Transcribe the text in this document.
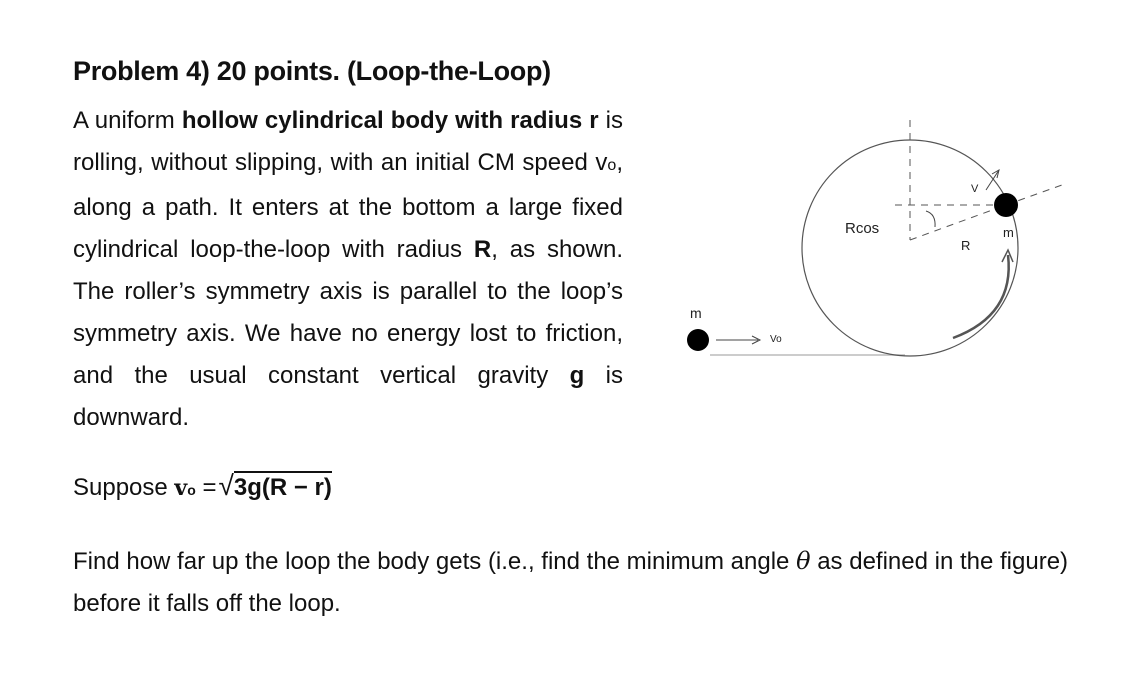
Problem 4) 20 points. (Loop-the-Loop)
A uniform hollow cylindrical body with radius r is rolling, without slipping, with an initial CM speed vo, along a path. It enters at the bottom a large fixed cylindrical loop-the-loop with radius R, as shown. The roller’s symmetry axis is parallel to the loop’s symmetry axis. We have no energy lost to friction, and the usual constant vertical gravity g is downward.
m
Vo
Rcos
R
V
m
Suppose vo =√3g(R − r)
Find how far up the loop the body gets (i.e., find the minimum angle θ as defined in the figure) before it falls off the loop.
